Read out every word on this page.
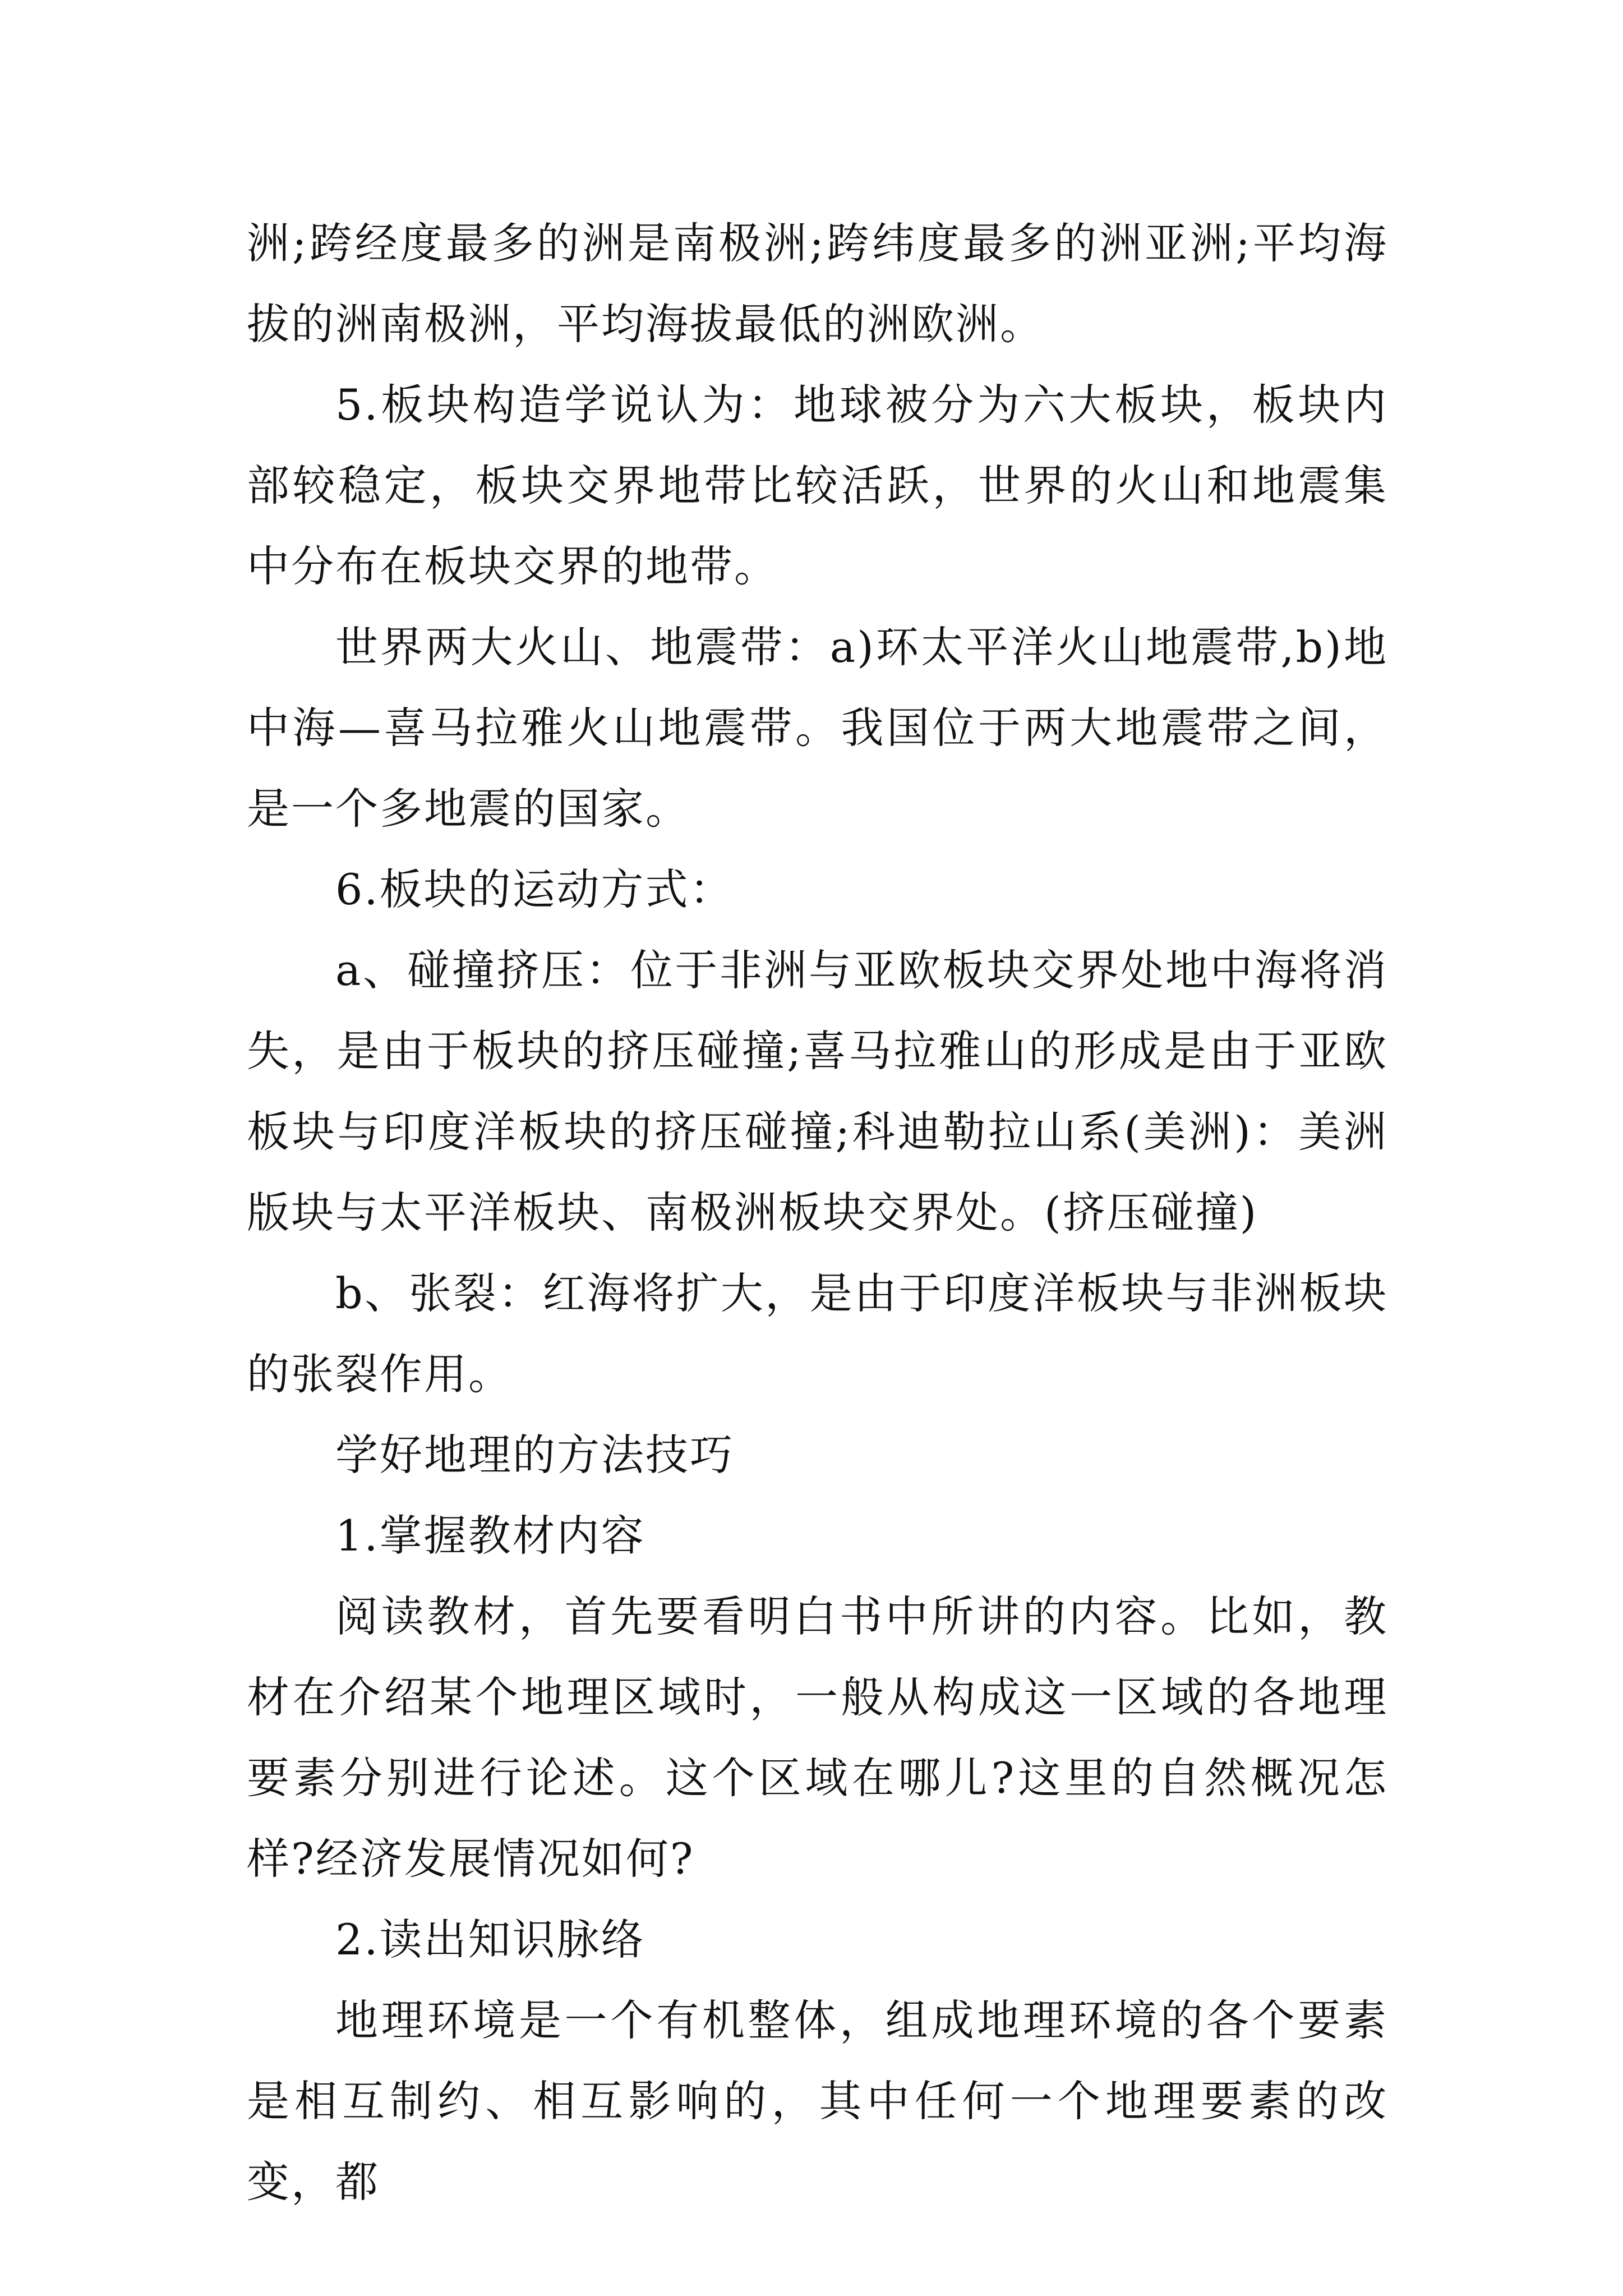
洲;跨经度最多的洲是南极洲;跨纬度最多的洲亚洲;平均海拔的洲南极洲，平均海拔最低的洲欧洲。

5.板块构造学说认为：地球被分为六大板块，板块内部较稳定，板块交界地带比较活跃，世界的火山和地震集中分布在板块交界的地带。

世界两大火山、地震带：a)环太平洋火山地震带,b)地中海—喜马拉雅火山地震带。我国位于两大地震带之间，是一个多地震的国家。

6.板块的运动方式：

a、碰撞挤压：位于非洲与亚欧板块交界处地中海将消失，是由于板块的挤压碰撞;喜马拉雅山的形成是由于亚欧板块与印度洋板块的挤压碰撞;科迪勒拉山系(美洲)：美洲版块与太平洋板块、南极洲板块交界处。(挤压碰撞)

b、张裂：红海将扩大，是由于印度洋板块与非洲板块的张裂作用。

学好地理的方法技巧

1.掌握教材内容

阅读教材，首先要看明白书中所讲的内容。比如，教材在介绍某个地理区域时，一般从构成这一区域的各地理要素分别进行论述。这个区域在哪儿?这里的自然概况怎样?经济发展情况如何?

2.读出知识脉络

地理环境是一个有机整体，组成地理环境的各个要素是相互制约、相互影响的，其中任何一个地理要素的改变，都
